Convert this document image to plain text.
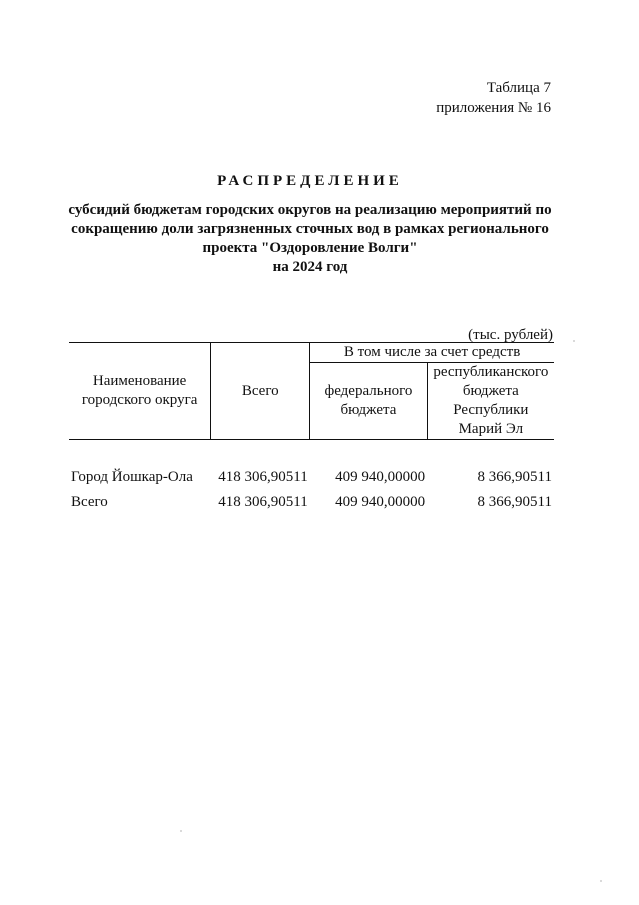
Таблица 7
приложения № 16
РАСПРЕДЕЛЕНИЕ
субсидий бюджетам городских округов на реализацию мероприятий по
сокращению доли загрязненных сточных вод в рамках регионального
проекта "Оздоровление Волги"
на 2024 год
(тыс. рублей)
Наименование городского округа	Всего	В том числе за счет средств	
		федерального бюджета	республиканского бюджета Республики Марий Эл

Город Йошкар-Ола	418 306,90511	409 940,00000	8 366,90511
Всего	418 306,90511	409 940,00000	8 366,90511
